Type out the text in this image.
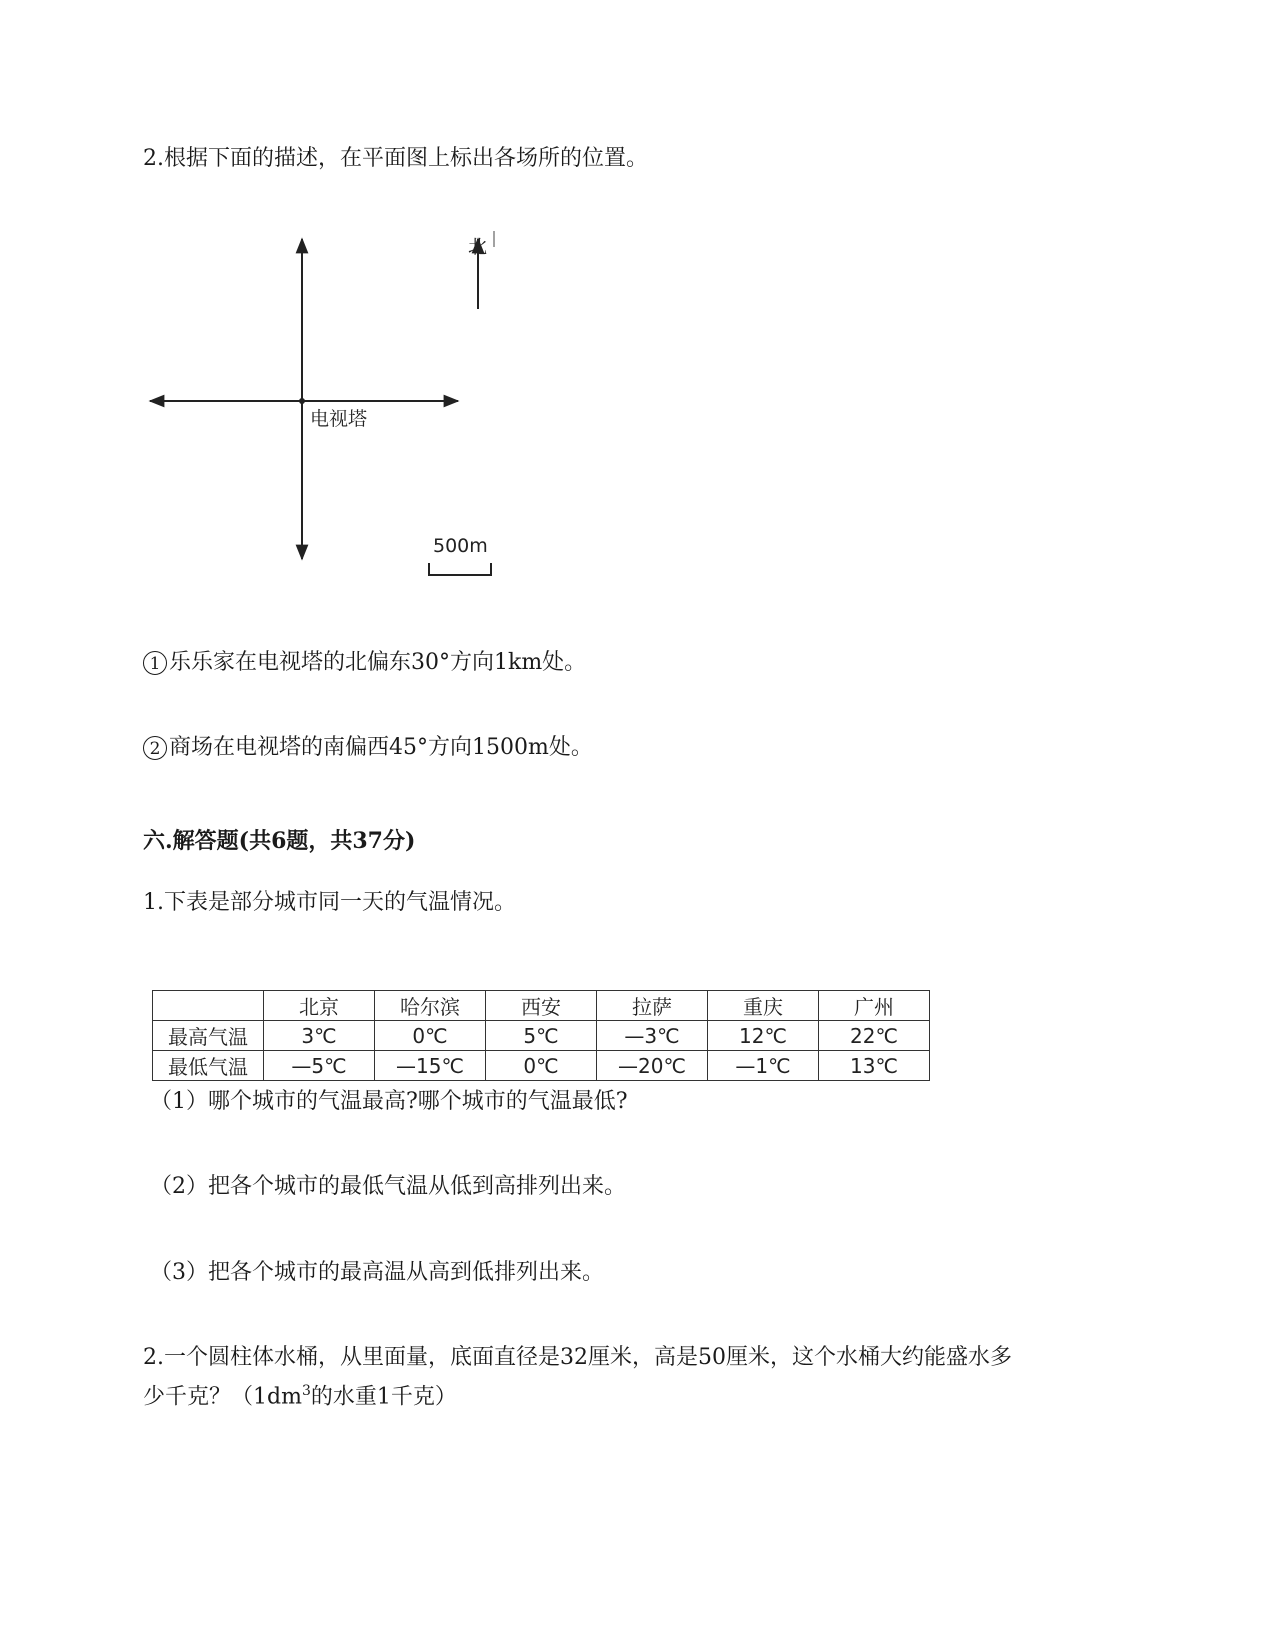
2.根据下面的描述，在平面图上标出各场所的位置。
电视塔
北
500m
1 乐乐家在电视塔的北偏东30°方向1km处。
2 商场在电视塔的南偏西45°方向1500m处。
六.解答题(共6题，共37分)
1.下表是部分城市同一天的气温情况。
	北京	哈尔滨	西安	拉萨	重庆	广州
最高气温	3℃	0℃	5℃	—3℃	12℃	22℃
最低气温	—5℃	—15℃	0℃	—20℃	—1℃	13℃
（1）哪个城市的气温最高?哪个城市的气温最低?
（2）把各个城市的最低气温从低到高排列出来。
（3）把各个城市的最高温从高到低排列出来。
2.一个圆柱体水桶，从里面量，底面直径是32厘米，高是50厘米，这个水桶大约能盛水多
少千克？（$1dm^3$的水重1千克）
